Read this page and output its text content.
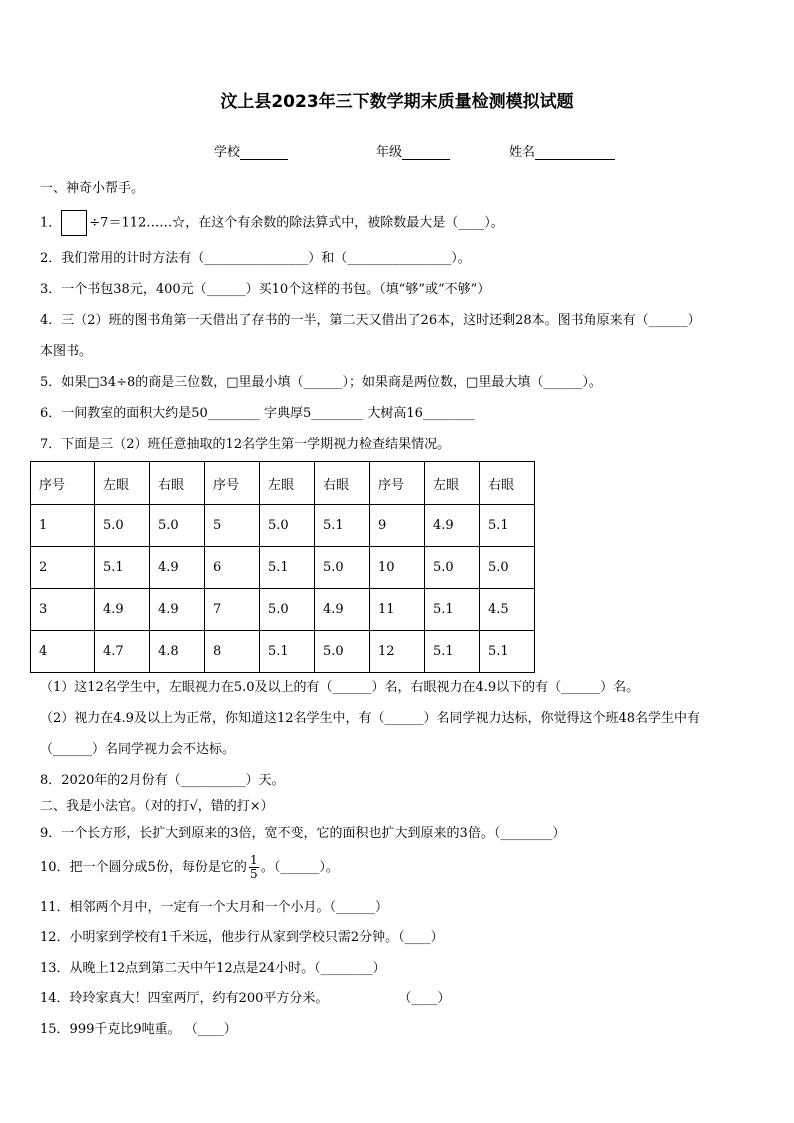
汶上县2023年三下数学期末质量检测模拟试题
学校	年级	姓名
一、神奇小帮手。
1． ÷7＝112……☆，在这个有余数的除法算式中，被除数最大是（____）。
2．我们常用的计时方法有（________________）和（________________）。
3．一个书包38元，400元（______）买10个这样的书包。（填“够”或“不够”）
4．三（2）班的图书角第一天借出了存书的一半，第二天又借出了26本，这时还剩28本。图书角原来有（______）
本图书。
5．如果□34÷8的商是三位数，□里最小填（______）；如果商是两位数，□里最大填（______）。
6．一间教室的面积大约是50________ 字典厚5________ 大树高16________
7．下面是三（2）班任意抽取的12名学生第一学期视力检查结果情况。
序号	左眼	右眼	序号	左眼	右眼	序号	左眼	右眼
1	5.0	5.0	5	5.0	5.1	9	4.9	5.1
2	5.1	4.9	6	5.1	5.0	10	5.0	5.0
3	4.9	4.9	7	5.0	4.9	11	5.1	4.5
4	4.7	4.8	8	5.1	5.0	12	5.1	5.1
（1）这12名学生中，左眼视力在5.0及以上的有（______）名，右眼视力在4.9以下的有（______）名。
（2）视力在4.9及以上为正常，你知道这12名学生中，有（______）名同学视力达标，你觉得这个班48名学生中有
（______）名同学视力会不达标。
8．2020年的2月份有（__________）天。
二、我是小法官。（对的打√，错的打×）
9．一个长方形，长扩大到原来的3倍，宽不变，它的面积也扩大到原来的3倍。（________）
10．把一个圆分成5份，每份是它的 $\frac{1}{5}$ 。（______）。
11．相邻两个月中，一定有一个大月和一个小月。（______）
12．小明家到学校有1千米远，他步行从家到学校只需2分钟。（____）
13．从晚上12点到第二天中午12点是24小时。（________）
14．玲玲家真大！四室两厅，约有200平方分米。	（____）
15．999千克比9吨重。 （____）
